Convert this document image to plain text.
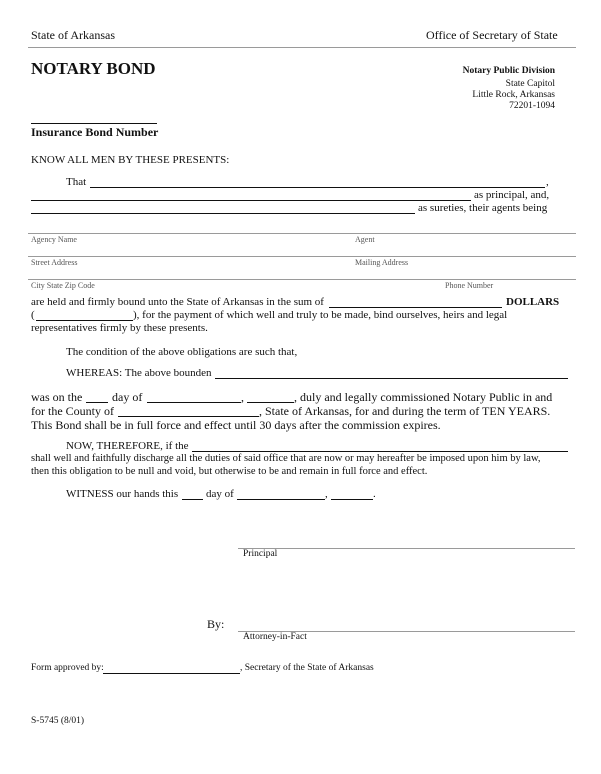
State of Arkansas	Office of Secretary of State
NOTARY BOND	Notary Public Division
State Capitol
Little Rock, Arkansas
72201-1094
Insurance Bond Number
KNOW ALL MEN BY THESE PRESENTS:
That	,
as principal, and,
as sureties, their agents being
Agency Name	Agent
Street Address	Mailing Address
City State Zip Code	Phone Number
are held and firmly bound unto the State of Arkansas in the sum of	DOLLARS
(	), for the payment of which well and truly to be made, bind ourselves, heirs and legal
representatives firmly by these presents.
The condition of the above obligations are such that,
WHEREAS: The above bounden
was on the day of	,	, duly and legally commissioned Notary Public in and
for the County of	, State of Arkansas, for and during the term of TEN YEARS.
This Bond shall be in full force and effect until 30 days after the commission expires.
NOW, THEREFORE, if the
shall well and faithfully discharge all the duties of said office that are now or may hereafter be imposed upon him by law,
then this obligation to be null and void, but otherwise to be and remain in full force and effect.
WITNESS our hands this	day of	,	.
Principal
By:
Attorney-in-Fact
Form approved by:	, Secretary of the State of Arkansas
S-5745 (8/01)
